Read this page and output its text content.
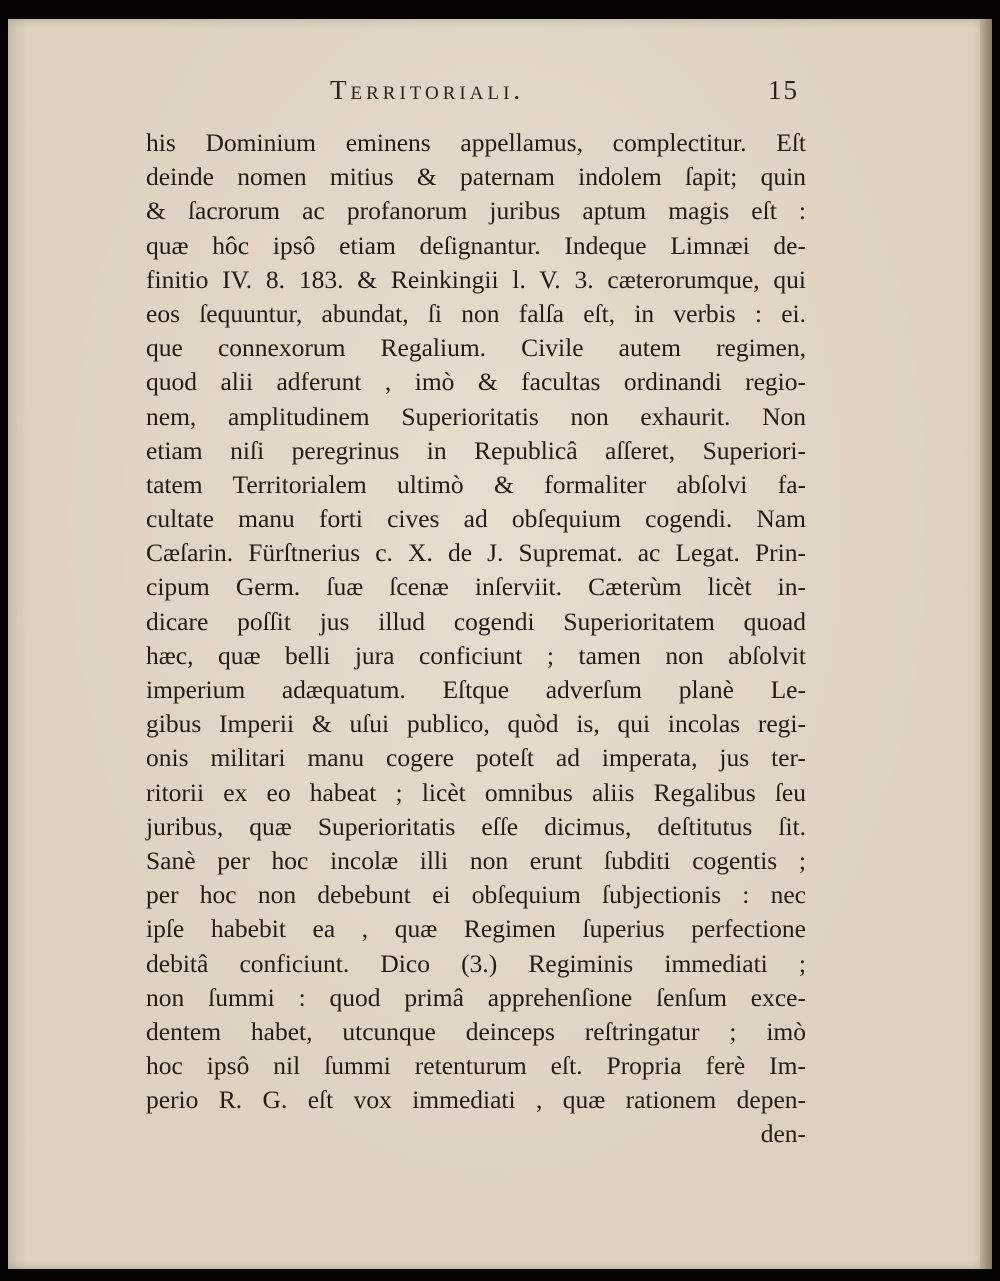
Territoriali.	15
his Dominium eminens appellamus, complectitur. Eſt
deinde nomen mitius & paternam indolem ſapit; quin
& ſacrorum ac profanorum juribus aptum magis eſt :
quæ hôc ipsô etiam deſignantur. Indeque Limnæi de-
finitio IV. 8. 183. & Reinkingii l. V. 3. cæterorumque, qui
eos ſequuntur, abundat, ſi non falſa eſt, in verbis : ei.
que connexorum Regalium. Civile autem regimen,
quod alii adferunt , imò & facultas ordinandi regio-
nem, amplitudinem Superioritatis non exhaurit. Non
etiam niſi peregrinus in Republicâ aſſeret, Superiori-
tatem Territorialem ultimò & formaliter abſolvi fa-
cultate manu forti cives ad obſequium cogendi. Nam
Cæſarin. Fürſtnerius c. X. de J. Supremat. ac Legat. Prin-
cipum Germ. ſuæ ſcenæ inſerviit. Cæterùm licèt in-
dicare poſſit jus illud cogendi Superioritatem quoad
hæc, quæ belli jura conficiunt ; tamen non abſolvit
imperium adæquatum. Eſtque adverſum planè Le-
gibus Imperii & uſui publico, quòd is, qui incolas regi-
onis militari manu cogere poteſt ad imperata, jus ter-
ritorii ex eo habeat ; licèt omnibus aliis Regalibus ſeu
juribus, quæ Superioritatis eſſe dicimus, deſtitutus ſit.
Sanè per hoc incolæ illi non erunt ſubditi cogentis ;
per hoc non debebunt ei obſequium ſubjectionis : nec
ipſe habebit ea , quæ Regimen ſuperius perfectione
debitâ conficiunt. Dico (3.) Regiminis immediati ;
non ſummi : quod primâ apprehenſione ſenſum exce-
dentem habet, utcunque deinceps reſtringatur ; imò
hoc ipsô nil ſummi retenturum eſt. Propria ferè Im-
perio R. G. eſt vox immediati , quæ rationem depen-
den-
